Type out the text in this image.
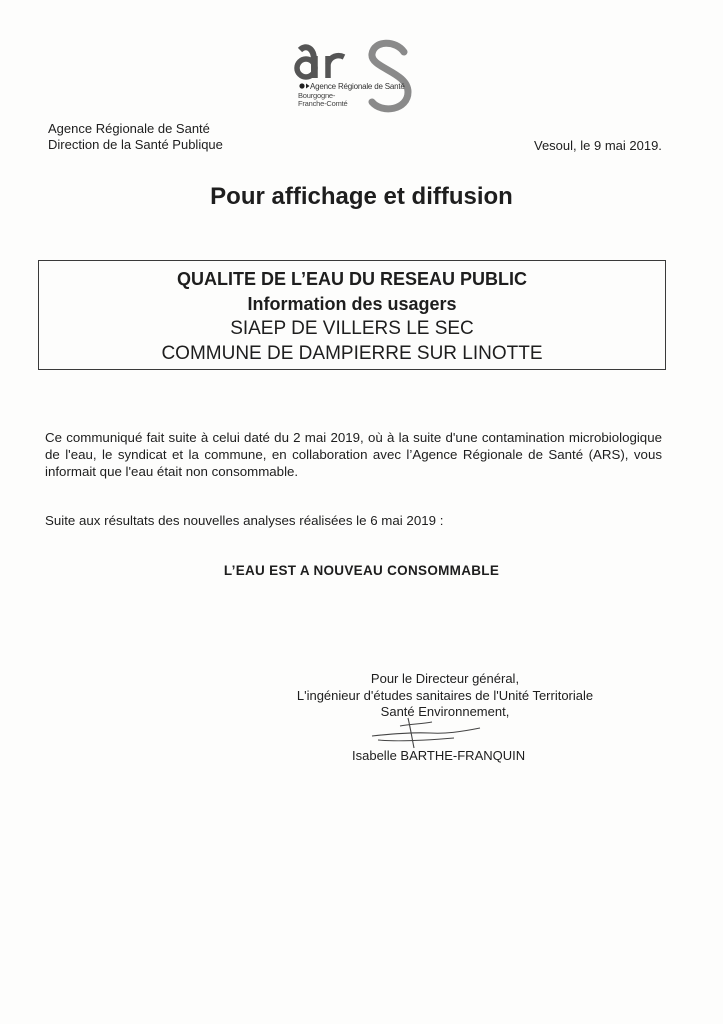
Agence Régionale de Santé
Bourgogne-Franche-Comté
Agence Régionale de Santé
Direction de la Santé Publique	Vesoul, le 9 mai 2019.
Pour affichage et diffusion
QUALITE DE L’EAU DU RESEAU PUBLIC
Information des usagers
SIAEP DE VILLERS LE SEC
COMMUNE DE DAMPIERRE SUR LINOTTE
Ce communiqué fait suite à celui daté du 2 mai 2019, où à la suite d'une contamination microbiologique de l'eau, le syndicat et la commune, en collaboration avec l’Agence Régionale de Santé (ARS), vous informait que l'eau était non consommable.
Suite aux résultats des nouvelles analyses réalisées le 6 mai 2019 :
L’EAU EST A NOUVEAU CONSOMMABLE
Pour le Directeur général,
L'ingénieur d'études sanitaires de l'Unité Territoriale
Santé Environnement,
Isabelle BARTHE-FRANQUIN
